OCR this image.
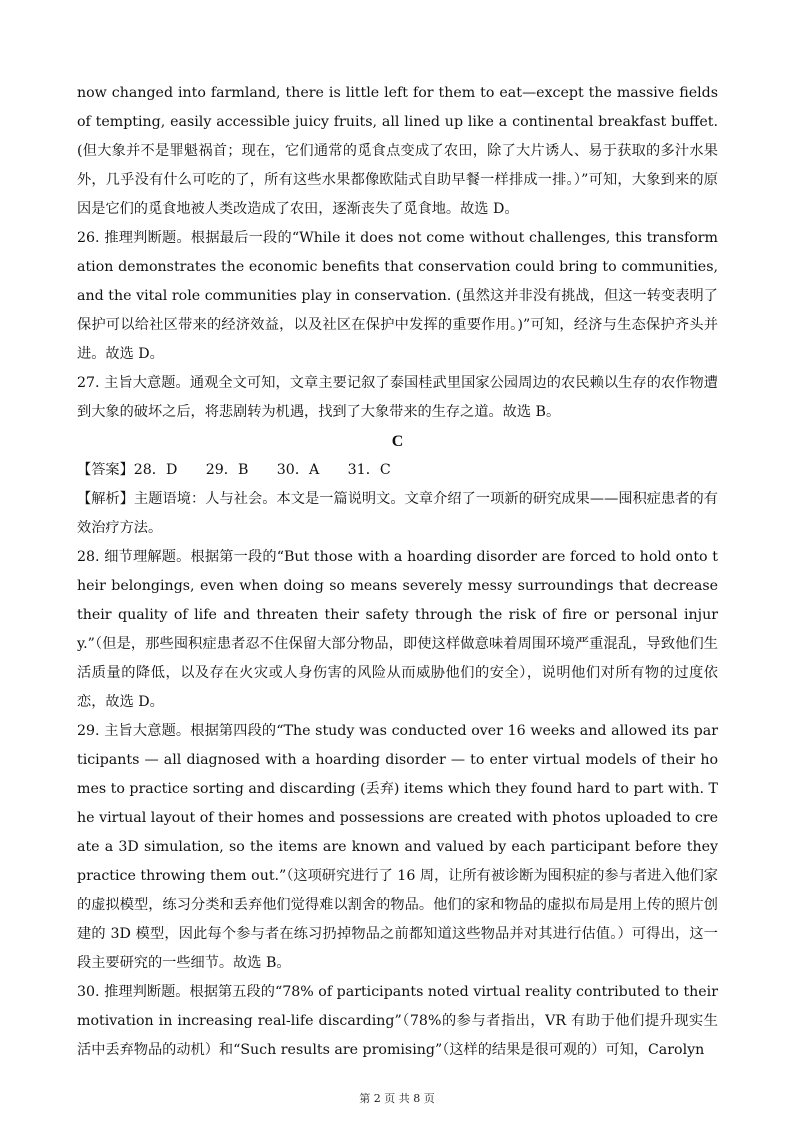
now changed into farmland, there is little left for them to eat—except the massive fields of tempting, easily accessible juicy fruits, all lined up like a continental breakfast buffet.(但大象并不是罪魁祸首；现在，它们通常的觅食点变成了农田，除了大片诱人、易于获取的多汁水果外，几乎没有什么可吃的了，所有这些水果都像欧陆式自助早餐一样排成一排。）”可知，大象到来的原因是它们的觅食地被人类改造成了农田，逐渐丧失了觅食地。故选 D。

26. 推理判断题。根据最后一段的“While it does not come without challenges, this transformation demonstrates the economic benefits that conservation could bring to communities, and the vital role communities play in conservation. (虽然这并非没有挑战，但这一转变表明了保护可以给社区带来的经济效益，以及社区在保护中发挥的重要作用。)”可知，经济与生态保护齐头并进。故选 D。

27. 主旨大意题。通观全文可知，文章主要记叙了泰国桂武里国家公园周边的农民赖以生存的农作物遭到大象的破坏之后，将悲剧转为机遇，找到了大象带来的生存之道。故选 B。

C

【答案】28．D　　29．B　　30．A　　31．C

【解析】主题语境：人与社会。本文是一篇说明文。文章介绍了一项新的研究成果——囤积症患者的有效治疗方法。

28. 细节理解题。根据第一段的“But those with a hoarding disorder are forced to hold onto their belongings, even when doing so means severely messy surroundings that decrease their quality of life and threaten their safety through the risk of fire or personal injury.”（但是，那些囤积症患者忍不住保留大部分物品，即使这样做意味着周围环境严重混乱，导致他们生活质量的降低，以及存在火灾或人身伤害的风险从而威胁他们的安全），说明他们对所有物的过度依恋，故选 D。

29. 主旨大意题。根据第四段的“The study was conducted over 16 weeks and allowed its participants — all diagnosed with a hoarding disorder — to enter virtual models of their homes to practice sorting and discarding (丢弃) items which they found hard to part with. The virtual layout of their homes and possessions are created with photos uploaded to create a 3D simulation, so the items are known and valued by each participant before they practice throwing them out.”（这项研究进行了 16 周，让所有被诊断为囤积症的参与者进入他们家的虚拟模型，练习分类和丢弃他们觉得难以割舍的物品。他们的家和物品的虚拟布局是用上传的照片创建的 3D 模型，因此每个参与者在练习扔掉物品之前都知道这些物品并对其进行估值。）可得出，这一段主要研究的一些细节。故选 B。

30. 推理判断题。根据第五段的“78% of participants noted virtual reality contributed to their motivation in increasing real-life discarding”（78%的参与者指出，VR 有助于他们提升现实生活中丢弃物品的动机）和“Such results are promising”（这样的结果是很可观的）可知，Carolyn

第 2 页 共 8 页
